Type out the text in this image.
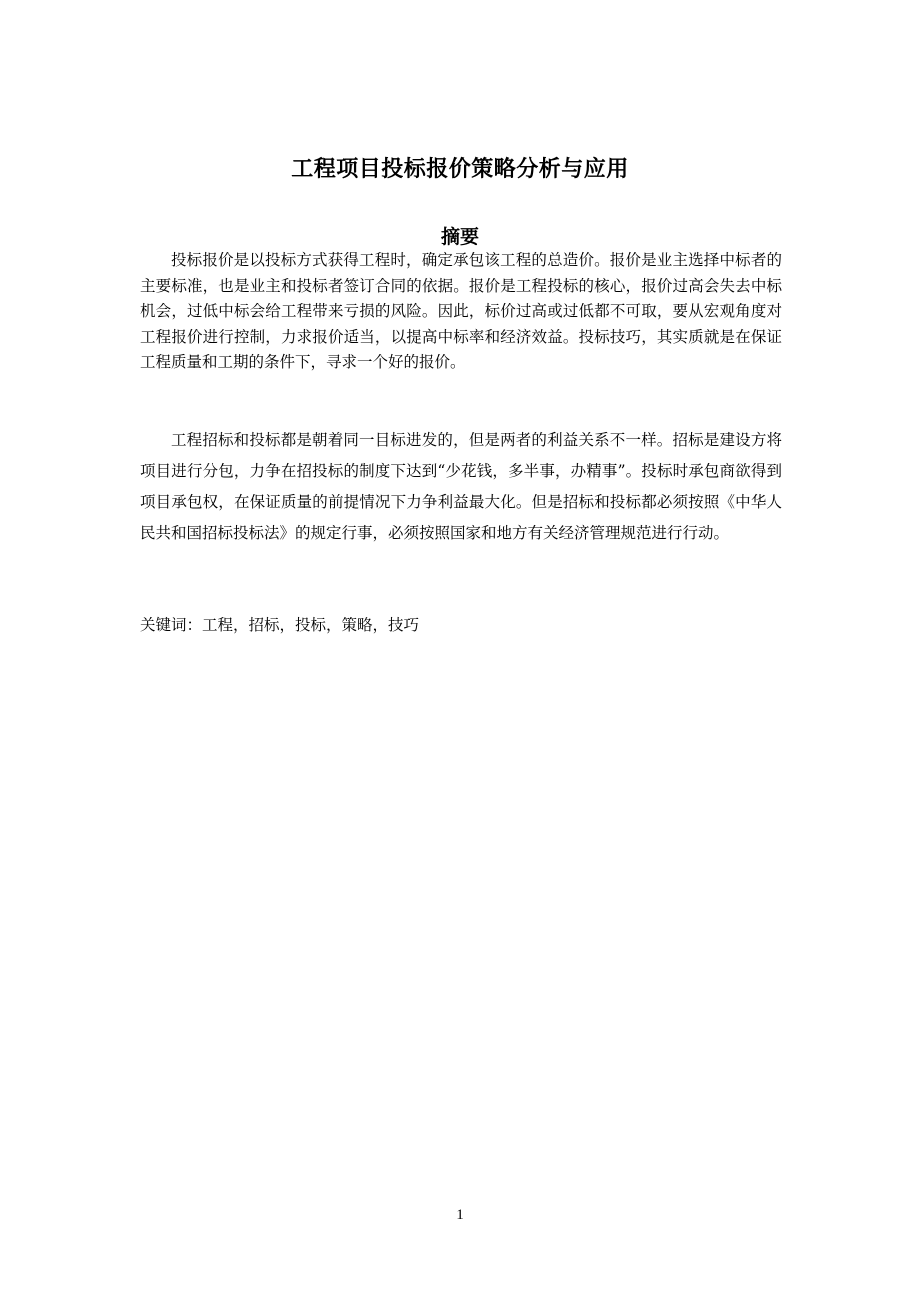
工程项目投标报价策略分析与应用
摘要

投标报价是以投标方式获得工程时，确定承包该工程的总造价。报价是业主选择中标者的主要标准，也是业主和投标者签订合同的依据。报价是工程投标的核心，报价过高会失去中标机会，过低中标会给工程带来亏损的风险。因此，标价过高或过低都不可取，要从宏观角度对工程报价进行控制，力求报价适当，以提高中标率和经济效益。投标技巧，其实质就是在保证工程质量和工期的条件下，寻求一个好的报价。

工程招标和投标都是朝着同一目标进发的，但是两者的利益关系不一样。招标是建设方将项目进行分包，力争在招投标的制度下达到“少花钱，多半事，办精事”。投标时承包商欲得到项目承包权，在保证质量的前提情况下力争利益最大化。但是招标和投标都必须按照《中华人民共和国招标投标法》的规定行事，必须按照国家和地方有关经济管理规范进行行动。

关键词：工程，招标，投标，策略，技巧
1
